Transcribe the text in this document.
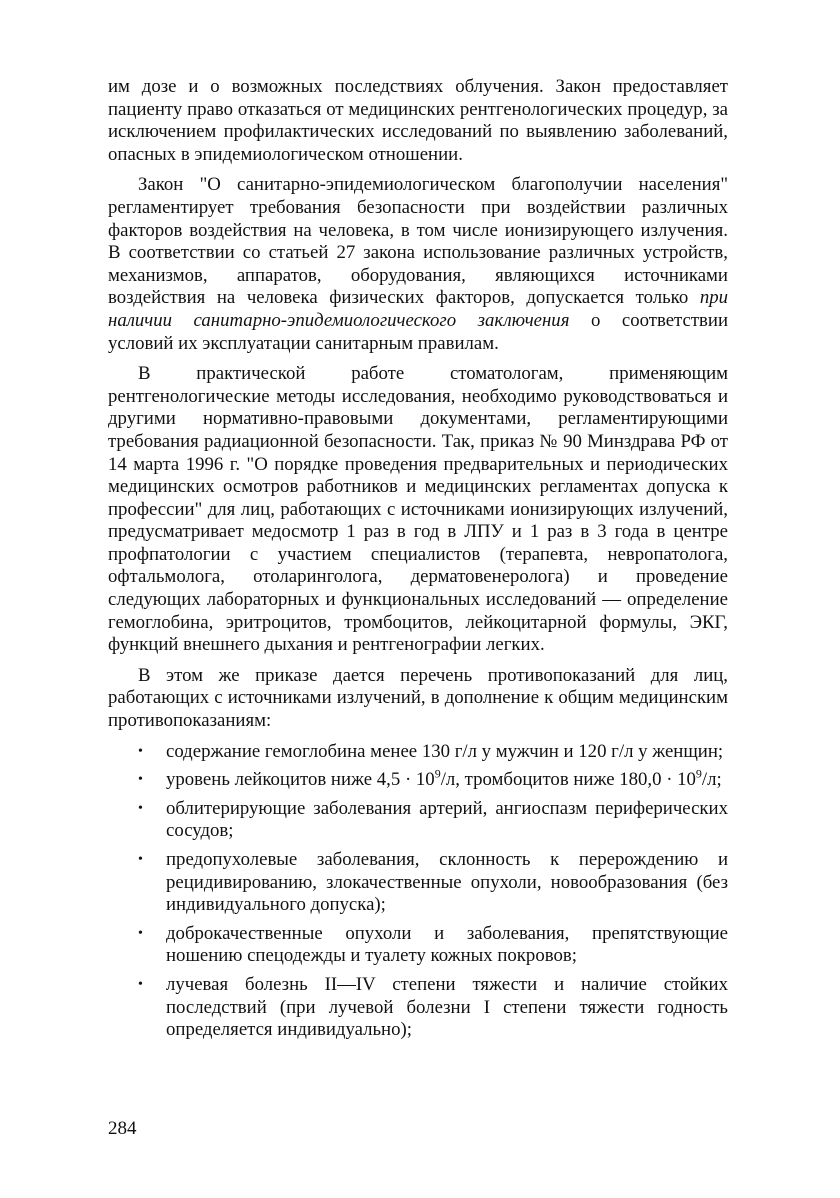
им дозе и о возможных последствиях облучения. Закон предоставляет пациенту право отказаться от медицинских рентгенологических процедур, за исключением профилактических исследований по выявлению заболеваний, опасных в эпидемиологическом отношении.

Закон "О санитарно-эпидемиологическом благополучии населения" регламентирует требования безопасности при воздействии различных факторов воздействия на человека, в том числе ионизирующего излучения. В соответствии со статьей 27 закона использование различных устройств, механизмов, аппаратов, оборудования, являющихся источниками воздействия на человека физических факторов, допускается только при наличии санитарно-эпидемиологического заключения о соответствии условий их эксплуатации санитарным правилам.

В практической работе стоматологам, применяющим рентгенологические методы исследования, необходимо руководствоваться и другими нормативно-правовыми документами, регламентирующими требования радиационной безопасности. Так, приказ № 90 Минздрава РФ от 14 марта 1996 г. "О порядке проведения предварительных и периодических медицинских осмотров работников и медицинских регламентах допуска к профессии" для лиц, работающих с источниками ионизирующих излучений, предусматривает медосмотр 1 раз в год в ЛПУ и 1 раз в 3 года в центре профпатологии с участием специалистов (терапевта, невропатолога, офтальмолога, отоларинголога, дерматовенеролога) и проведение следующих лабораторных и функциональных исследований — определение гемоглобина, эритроцитов, тромбоцитов, лейкоцитарной формулы, ЭКГ, функций внешнего дыхания и рентгенографии легких.

В этом же приказе дается перечень противопоказаний для лиц, работающих с источниками излучений, в дополнение к общим медицинским противопоказаниям:

• содержание гемоглобина менее 130 г/л у мужчин и 120 г/л у женщин;
• уровень лейкоцитов ниже $4,5 \cdot 10^9/л$, тромбоцитов ниже $180,0 \cdot 10^9/л$;
• облитерирующие заболевания артерий, ангиоспазм периферических сосудов;
• предопухолевые заболевания, склонность к перерождению и рецидивированию, злокачественные опухоли, новообразования (без индивидуального допуска);
• доброкачественные опухоли и заболевания, препятствующие ношению спецодежды и туалету кожных покровов;
• лучевая болезнь II—IV степени тяжести и наличие стойких последствий (при лучевой болезни I степени тяжести годность определяется индивидуально);
284
